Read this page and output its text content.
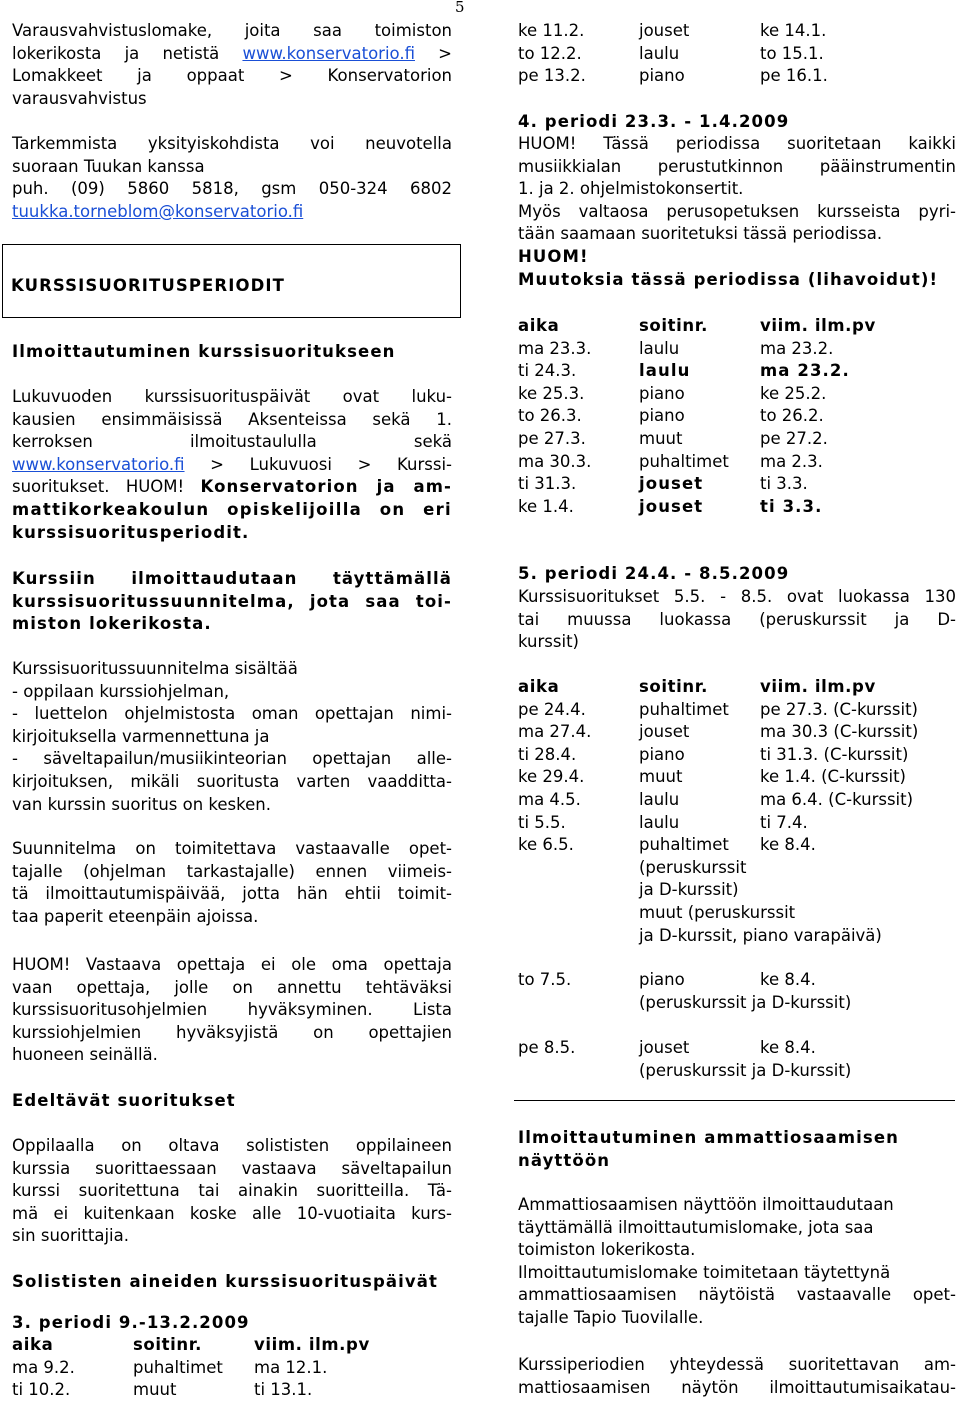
5

Varausvahvistuslomake, joita saa toimiston

lokerikosta ja netistä www.konservatorio.fi >

Lomakkeet ja oppaat > Konservatorion

varausvahvistus

Tarkemmista yksityiskohdista voi neuvotella

suoraan Tuukan kanssa

puh. (09) 5860 5818, gsm 050-324 6802

tuukka.torneblom@konservatorio.fi

KURSSISUORITUSPERIODIT

Ilmoittautuminen kurssisuoritukseen

Lukuvuoden kurssisuorituspäivät ovat luku-

kausien ensimmäisissä Aksenteissa sekä 1.

kerroksen ilmoitustaululla sekä

www.konservatorio.fi > Lukuvuosi > Kurssi-

suoritukset. HUOM! Konservatorion ja am-

mattikorkeakoulun opiskelijoilla on eri

kurssisuoritusperiodit.

Kurssiin ilmoittaudutaan täyttämällä

kurssisuoritussuunnitelma, jota saa toi-

miston lokerikosta.

Kurssisuoritussuunnitelma sisältää

- oppilaan kurssiohjelman,

- luettelon ohjelmistosta oman opettajan nimi-

kirjoituksella varmennettuna ja

- säveltapailun/musiikinteorian opettajan alle-

kirjoituksen, mikäli suoritusta varten vaadditta-

van kurssin suoritus on kesken.

Suunnitelma on toimitettava vastaavalle opet-

tajalle (ohjelman tarkastajalle) ennen viimeis-

tä ilmoittautumispäivää, jotta hän ehtii toimit-

taa paperit eteenpäin ajoissa.

HUOM! Vastaava opettaja ei ole oma opettaja

vaan opettaja, jolle on annettu tehtäväksi

kurssisuoritusohjelmien hyväksyminen. Lista

kurssiohjelmien hyväksyjistä on opettajien

huoneen seinällä.

Edeltävät suoritukset

Oppilaalla on oltava solististen oppilaineen

kurssia suorittaessaan vastaava säveltapailun

kurssi suoritettuna tai ainakin suoritteilla. Tä-

mä ei kuitenkaan koske alle 10-vuotiaita kurs-

sin suorittajia.

Solististen aineiden kurssisuorituspäivät

3. periodi 9.-13.2.2009

aika	soitinr.	viim. ilm.pv
ma 9.2.	puhaltimet	ma 12.1.
ti 10.2.	muut	ti 13.1.
ke 11.2.	jouset	ke 14.1.
to 12.2.	laulu	to 15.1.
pe 13.2.	piano	pe 16.1.

4. periodi 23.3. - 1.4.2009

HUOM! Tässä periodissa suoritetaan kaikki

musiikkialan perustutkinnon pääinstrumentin

1. ja 2. ohjelmistokonsertit.

Myös valtaosa perusopetuksen kursseista pyri-

tään saamaan suoritetuksi tässä periodissa.

HUOM!

Muutoksia tässä periodissa (lihavoidut)!

aika	soitinr.	viim. ilm.pv
ma 23.3.	laulu	ma 23.2.
ti 24.3.	laulu	ma 23.2.
ke 25.3.	piano	ke 25.2.
to 26.3.	piano	to 26.2.
pe 27.3.	muut	pe 27.2.
ma 30.3.	puhaltimet	ma 2.3.
ti 31.3.	jouset	ti 3.3.
ke 1.4.	jouset	ti 3.3.

5. periodi 24.4. - 8.5.2009

Kurssisuoritukset 5.5. - 8.5. ovat luokassa 130

tai muussa luokassa (peruskurssit ja D-

kurssit)

aika	soitinr.	viim. ilm.pv
pe 24.4.	puhaltimet	pe 27.3. (C-kurssit)
ma 27.4.	jouset	ma 30.3 (C-kurssit)
ti 28.4.	piano	ti 31.3. (C-kurssit)
ke 29.4.	muut	ke 1.4. (C-kurssit)
ma 4.5.	laulu	ma 6.4. (C-kurssit)
ti 5.5.	laulu	ti 7.4.
ke 6.5.	puhaltimet	ke 8.4.
	(peruskurssit	
	ja D-kurssit)	
	muut (peruskurssit	
	ja D-kurssit, piano varapäivä)	
to 7.5.	piano	ke 8.4.
	(peruskurssit ja D-kurssit)	
pe 8.5.	jouset	ke 8.4.
	(peruskurssit ja D-kurssit)	

Ilmoittautuminen ammattiosaamisen

näyttöön

Ammattiosaamisen näyttöön ilmoittaudutaan

täyttämällä ilmoittautumislomake, jota saa

toimiston lokerikosta.

Ilmoittautumislomake toimitetaan täytettynä

ammattiosaamisen näytöistä vastaavalle opet-

tajalle Tapio Tuovilalle.

Kurssiperiodien yhteydessä suoritettavan am-

mattiosaamisen näytön ilmoittautumisaikatau-
